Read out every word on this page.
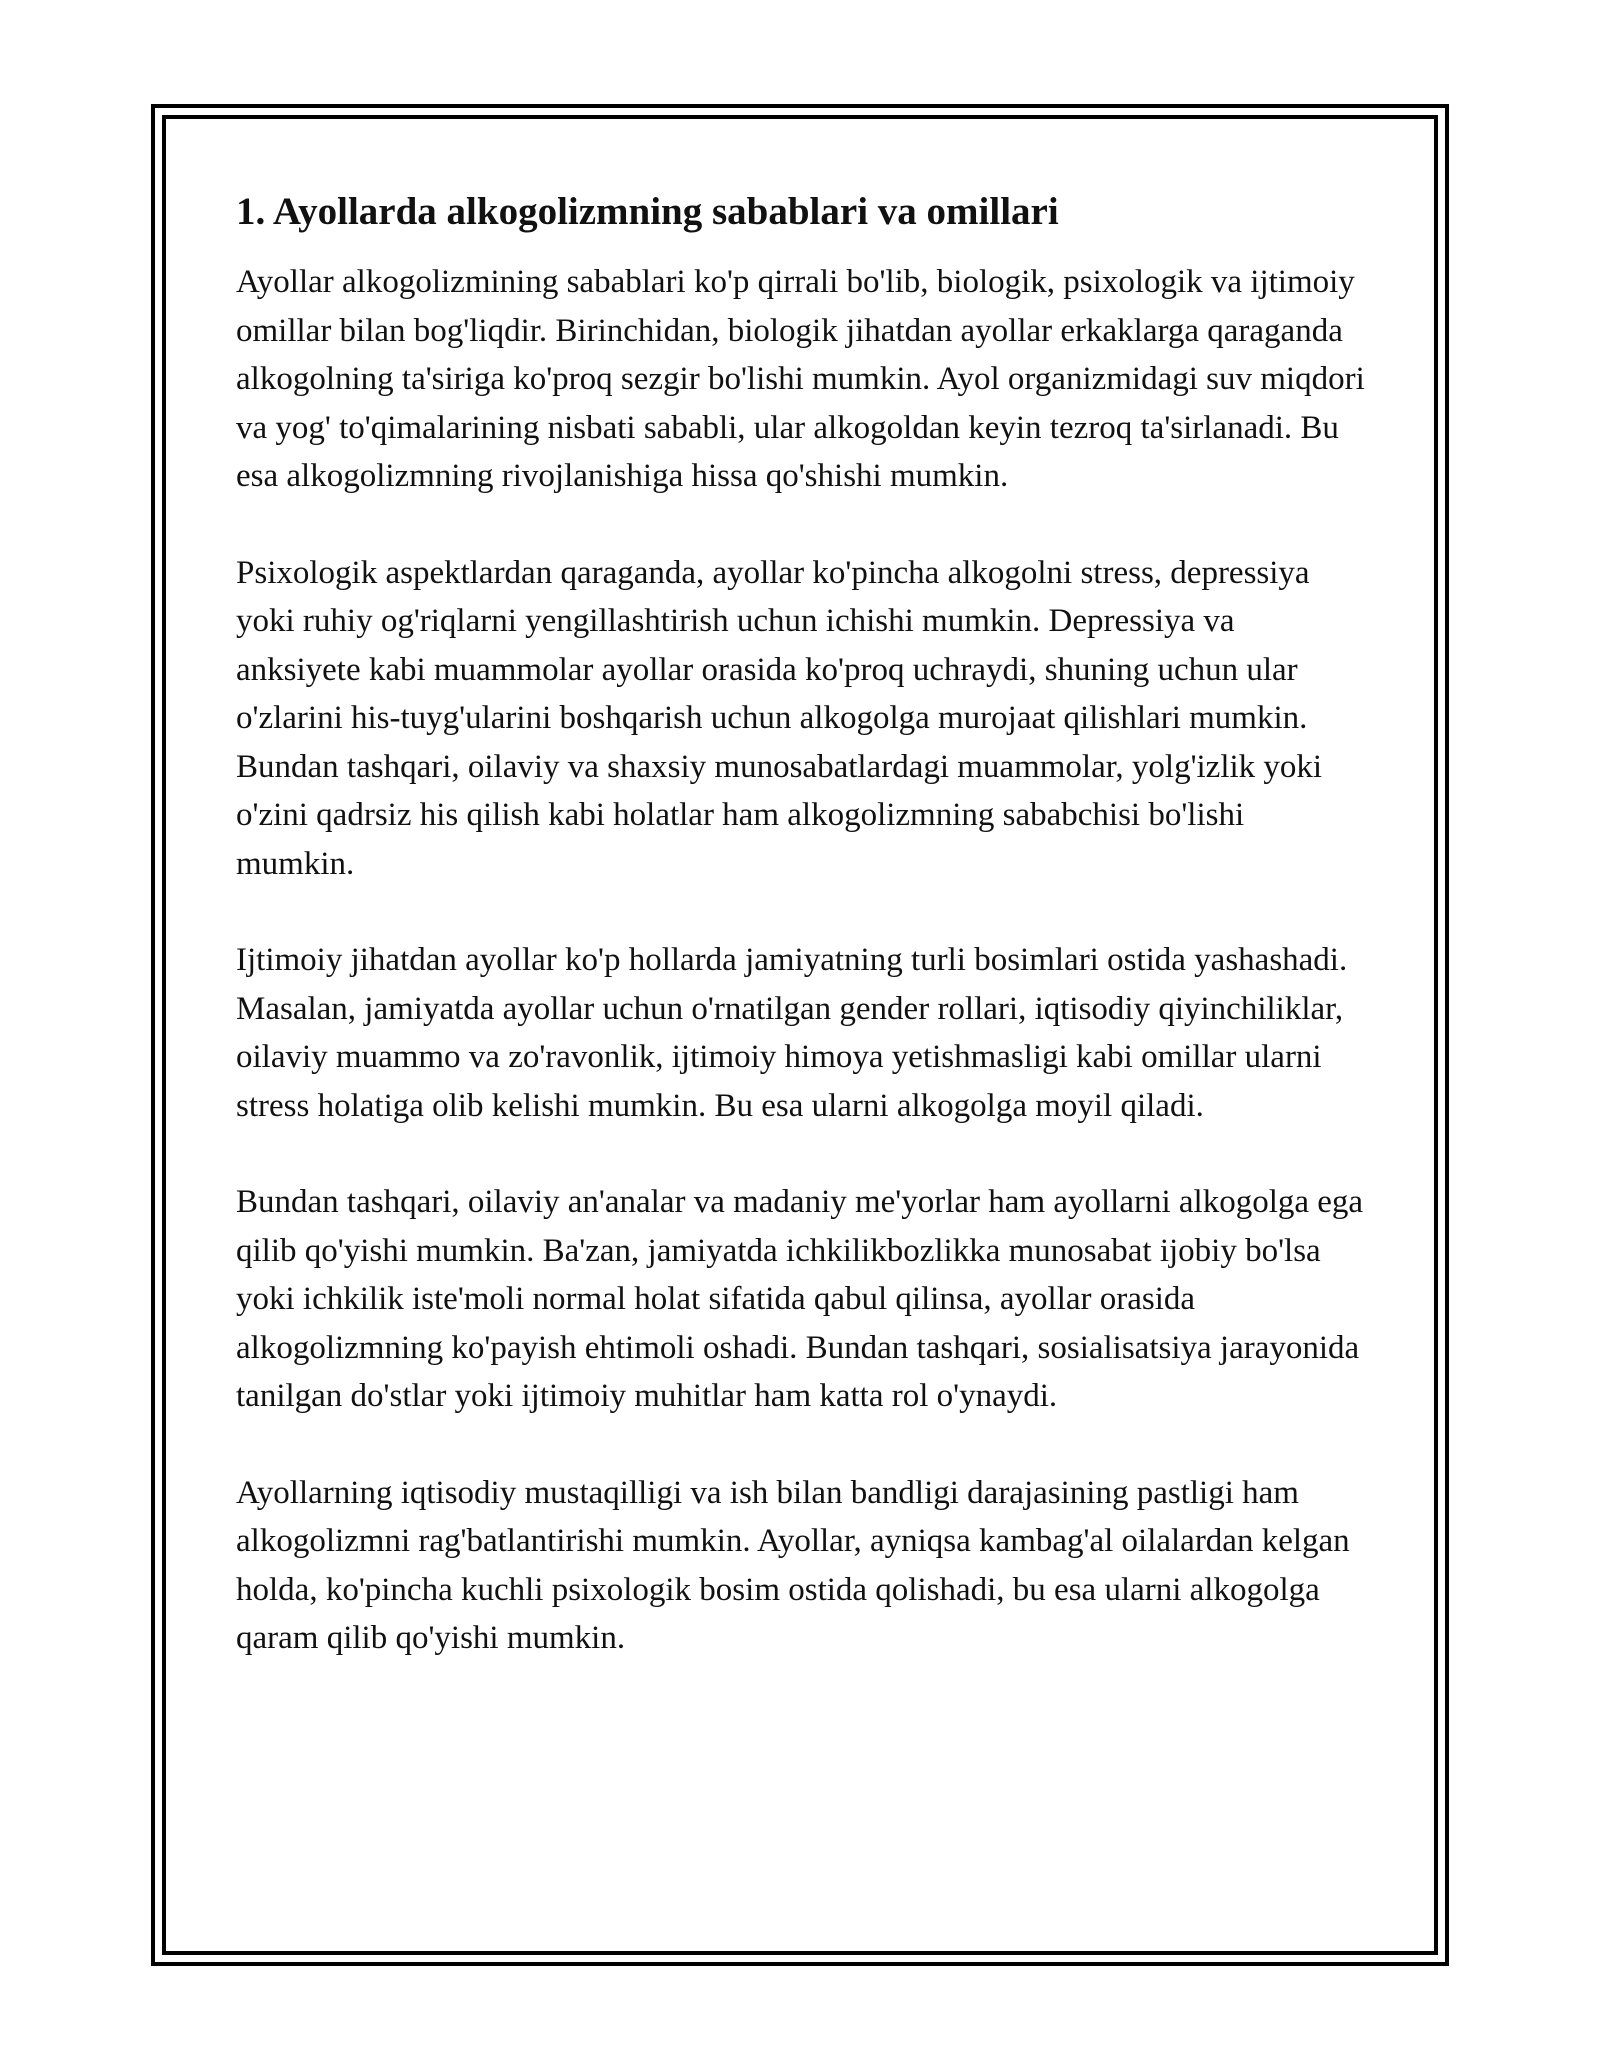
1. Ayollarda alkogolizmning sabablari va omillari

Ayollar alkogolizmining sabablari ko'p qirrali bo'lib, biologik, psixologik va ijtimoiy omillar bilan bog'liqdir. Birinchidan, biologik jihatdan ayollar erkaklarga qaraganda alkogolning ta'siriga ko'proq sezgir bo'lishi mumkin. Ayol organizmidagi suv miqdori va yog' to'qimalarining nisbati sababli, ular alkogoldan keyin tezroq ta'sirlanadi. Bu esa alkogolizmning rivojlanishiga hissa qo'shishi mumkin.

Psixologik aspektlardan qaraganda, ayollar ko'pincha alkogolni stress, depressiya yoki ruhiy og'riqlarni yengillashtirish uchun ichishi mumkin. Depressiya va anksiyete kabi muammolar ayollar orasida ko'proq uchraydi, shuning uchun ular o'zlarini his-tuyg'ularini boshqarish uchun alkogolga murojaat qilishlari mumkin. Bundan tashqari, oilaviy va shaxsiy munosabatlardagi muammolar, yolg'izlik yoki o'zini qadrsiz his qilish kabi holatlar ham alkogolizmning sababchisi bo'lishi mumkin.

Ijtimoiy jihatdan ayollar ko'p hollarda jamiyatning turli bosimlari ostida yashashadi. Masalan, jamiyatda ayollar uchun o'rnatilgan gender rollari, iqtisodiy qiyinchiliklar, oilaviy muammo va zo'ravonlik, ijtimoiy himoya yetishmasligi kabi omillar ularni stress holatiga olib kelishi mumkin. Bu esa ularni alkogolga moyil qiladi.

Bundan tashqari, oilaviy an'analar va madaniy me'yorlar ham ayollarni alkogolga ega qilib qo'yishi mumkin. Ba'zan, jamiyatda ichkilikbozlikka munosabat ijobiy bo'lsa yoki ichkilik iste'moli normal holat sifatida qabul qilinsa, ayollar orasida alkogolizmning ko'payish ehtimoli oshadi. Bundan tashqari, sosialisatsiya jarayonida tanilgan do'stlar yoki ijtimoiy muhitlar ham katta rol o'ynaydi.

Ayollarning iqtisodiy mustaqilligi va ish bilan bandligi darajasining pastligi ham alkogolizmni rag'batlantirishi mumkin. Ayollar, ayniqsa kambag'al oilalardan kelgan holda, ko'pincha kuchli psixologik bosim ostida qolishadi, bu esa ularni alkogolga qaram qilib qo'yishi mumkin.
